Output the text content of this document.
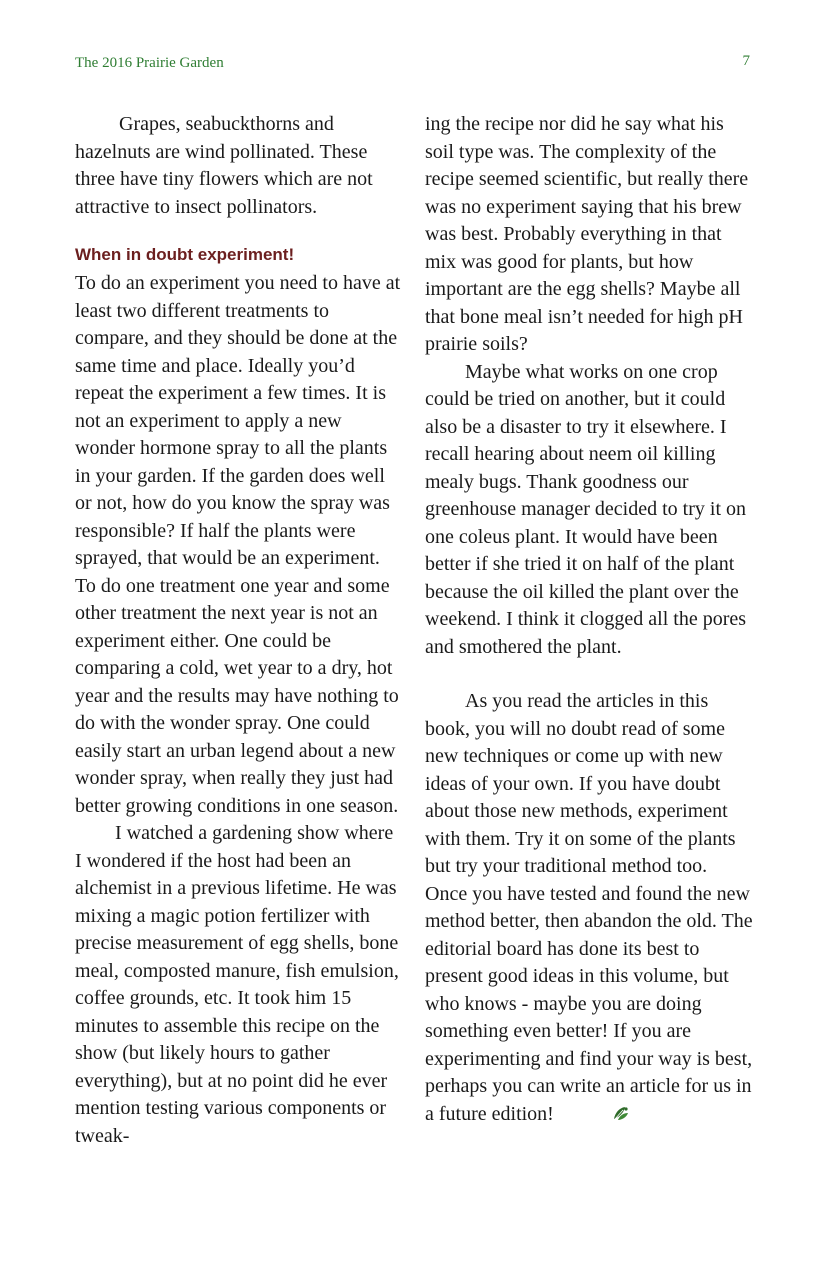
The 2016 Prairie Garden	7

Grapes, seabuckthorns and hazelnuts are wind pollinated. These three have tiny flowers which are not attractive to insect pollinators.

When in doubt experiment!

To do an experiment you need to have at least two different treatments to compare, and they should be done at the same time and place. Ideally you’d repeat the experiment a few times. It is not an experiment to apply a new wonder hormone spray to all the plants in your garden. If the garden does well or not, how do you know the spray was responsible? If half the plants were sprayed, that would be an experiment. To do one treatment one year and some other treatment the next year is not an experiment either. One could be comparing a cold, wet year to a dry, hot year and the results may have nothing to do with the wonder spray. One could easily start an urban legend about a new wonder spray, when really they just had better growing conditions in one season.

I watched a gardening show where I wondered if the host had been an alchemist in a previous lifetime. He was mixing a magic potion fertilizer with precise measurement of egg shells, bone meal, composted manure, fish emulsion, coffee grounds, etc. It took him 15 minutes to assemble this recipe on the show (but likely hours to gather everything), but at no point did he ever mention testing various components or tweak-

ing the recipe nor did he say what his soil type was. The complexity of the recipe seemed scientific, but really there was no experiment saying that his brew was best. Probably everything in that mix was good for plants, but how important are the egg shells? Maybe all that bone meal isn’t needed for high pH prairie soils?

Maybe what works on one crop could be tried on another, but it could also be a disaster to try it elsewhere. I recall hearing about neem oil killing mealy bugs. Thank goodness our greenhouse manager decided to try it on one coleus plant. It would have been better if she tried it on half of the plant because the oil killed the plant over the weekend. I think it clogged all the pores and smothered the plant.

As you read the articles in this book, you will no doubt read of some new techniques or come up with new ideas of your own. If you have doubt about those new methods, experiment with them. Try it on some of the plants but try your traditional method too. Once you have tested and found the new method better, then abandon the old. The editorial board has done its best to present good ideas in this volume, but who knows - maybe you are doing something even better! If you are experimenting and find your way is best, perhaps you can write an article for us in a future edition!
